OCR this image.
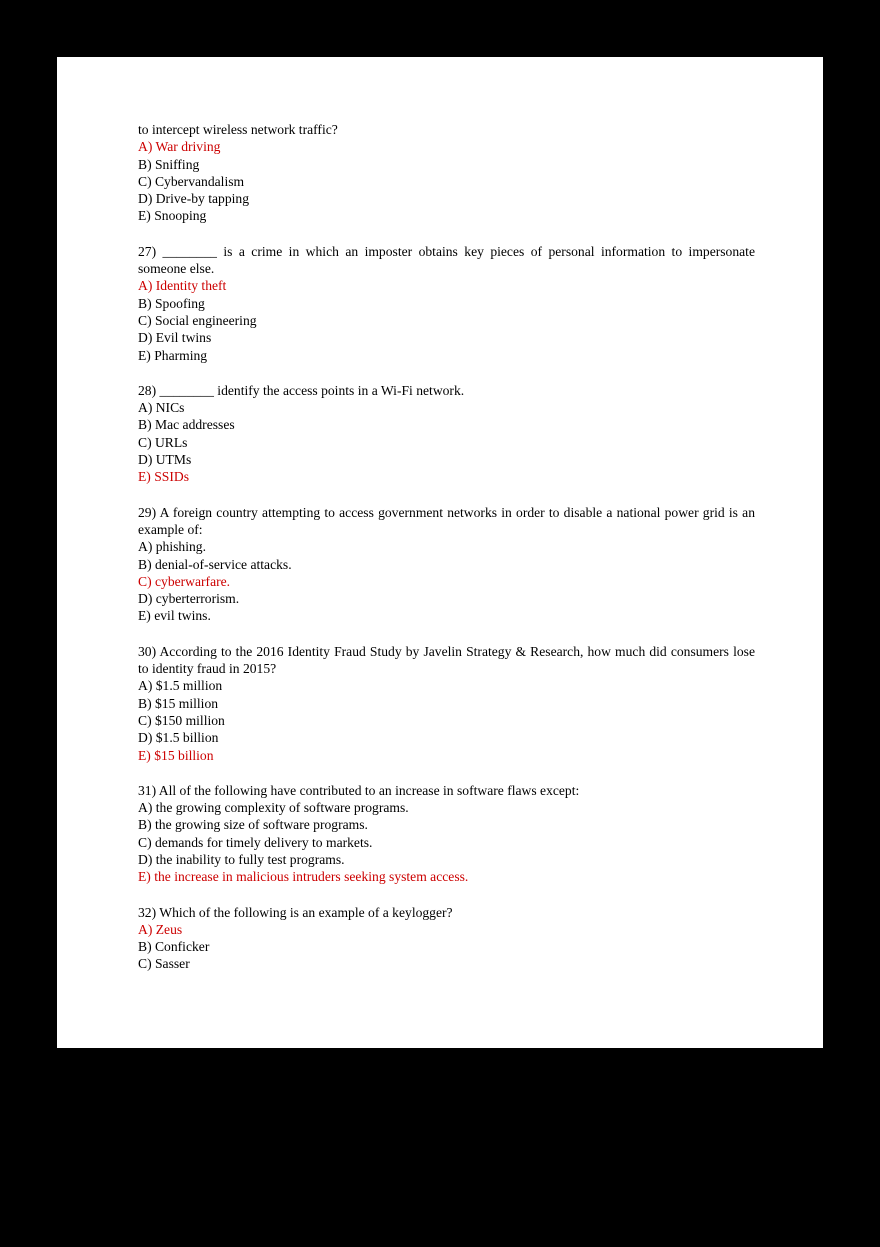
to intercept wireless network traffic?

A) War driving

B) Sniffing

C) Cybervandalism

D) Drive-by tapping

E) Snooping

27) ________ is a crime in which an imposter obtains key pieces of personal information to impersonate someone else.

A) Identity theft

B) Spoofing

C) Social engineering

D) Evil twins

E) Pharming

28) ________ identify the access points in a Wi-Fi network.

A) NICs

B) Mac addresses

C) URLs

D) UTMs

E) SSIDs

29) A foreign country attempting to access government networks in order to disable a national power grid is an example of:

A) phishing.

B) denial-of-service attacks.

C) cyberwarfare.

D) cyberterrorism.

E) evil twins.

30) According to the 2016 Identity Fraud Study by Javelin Strategy & Research, how much did consumers lose to identity fraud in 2015?

A) $1.5 million

B) $15 million

C) $150 million

D) $1.5 billion

E) $15 billion

31) All of the following have contributed to an increase in software flaws except:

A) the growing complexity of software programs.

B) the growing size of software programs.

C) demands for timely delivery to markets.

D) the inability to fully test programs.

E) the increase in malicious intruders seeking system access.

32) Which of the following is an example of a keylogger?

A) Zeus

B) Conficker

C) Sasser
